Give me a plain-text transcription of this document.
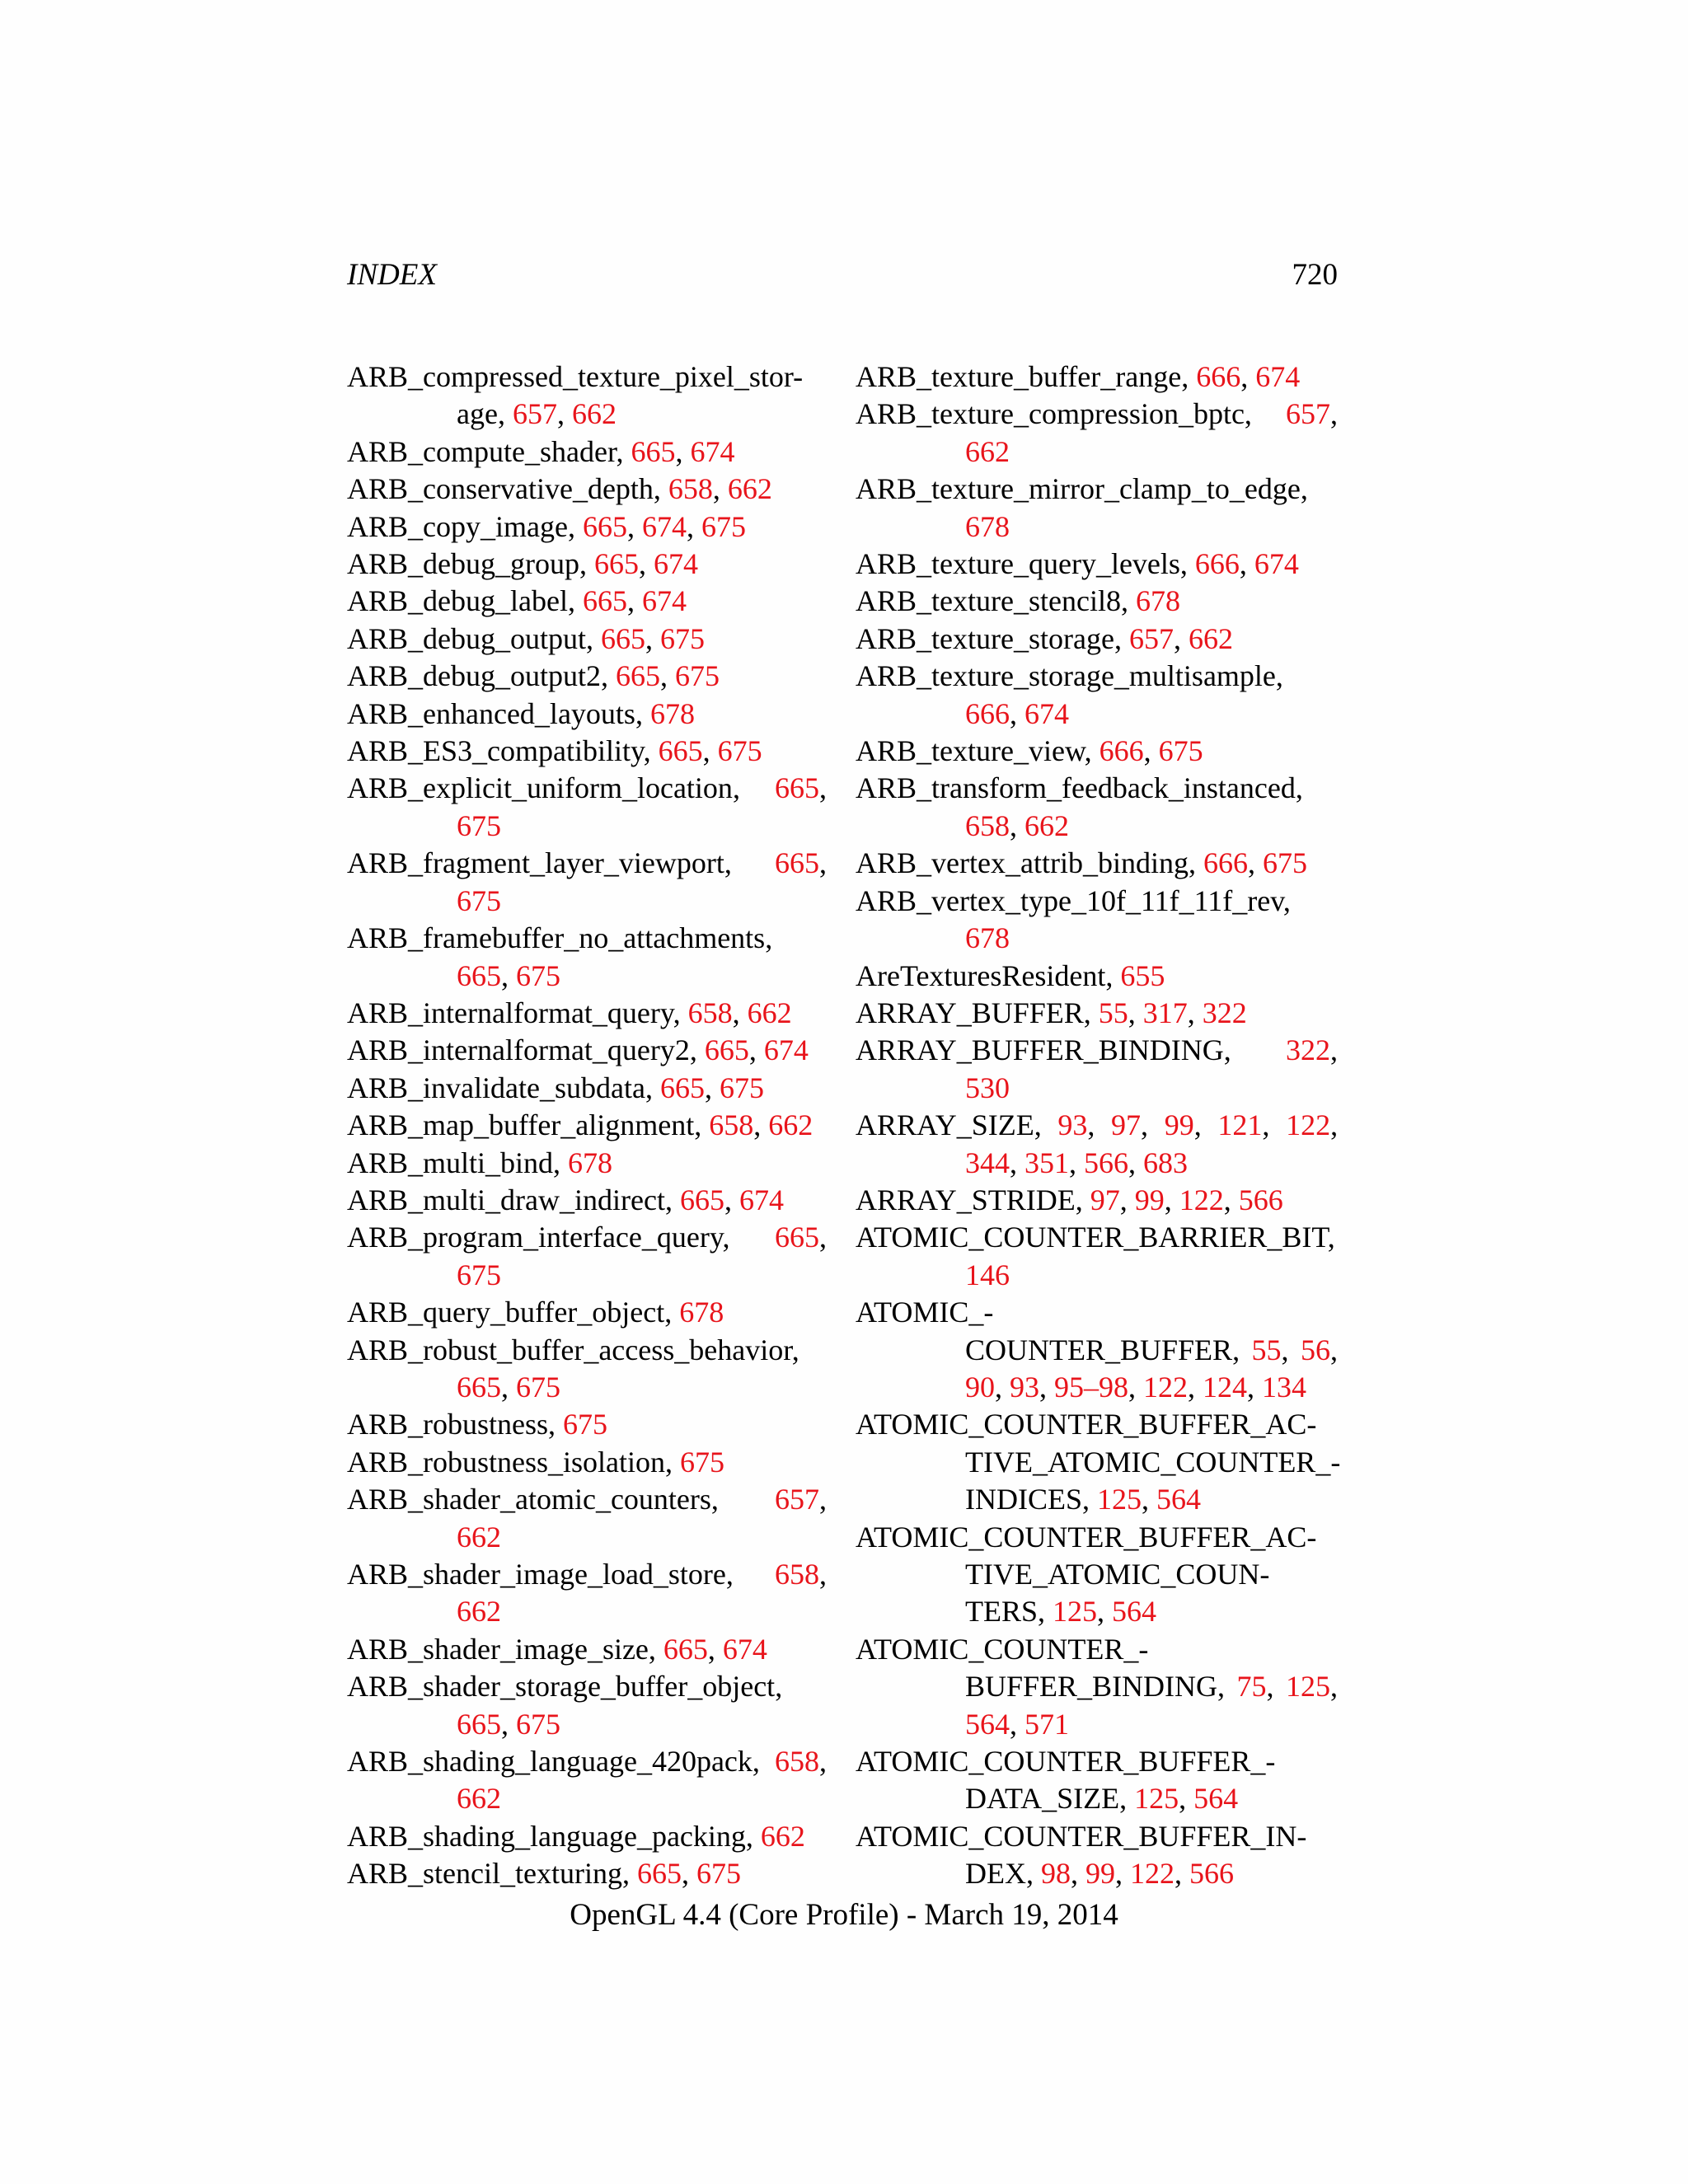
INDEX	720
ARB_compressed_texture_pixel_stor-age, 657, 662
ARB_compute_shader, 665, 674
ARB_conservative_depth, 658, 662
ARB_copy_image, 665, 674, 675
ARB_debug_group, 665, 674
ARB_debug_label, 665, 674
ARB_debug_output, 665, 675
ARB_debug_output2, 665, 675
ARB_enhanced_layouts, 678
ARB_ES3_compatibility, 665, 675
ARB_explicit_uniform_location, 665, 675
ARB_fragment_layer_viewport, 665, 675
ARB_framebuffer_no_attachments, 665, 675
ARB_internalformat_query, 658, 662
ARB_internalformat_query2, 665, 674
ARB_invalidate_subdata, 665, 675
ARB_map_buffer_alignment, 658, 662
ARB_multi_bind, 678
ARB_multi_draw_indirect, 665, 674
ARB_program_interface_query, 665, 675
ARB_query_buffer_object, 678
ARB_robust_buffer_access_behavior, 665, 675
ARB_robustness, 675
ARB_robustness_isolation, 675
ARB_shader_atomic_counters, 657, 662
ARB_shader_image_load_store, 658, 662
ARB_shader_image_size, 665, 674
ARB_shader_storage_buffer_object, 665, 675
ARB_shading_language_420pack, 658, 662
ARB_shading_language_packing, 662
ARB_stencil_texturing, 665, 675
ARB_texture_buffer_range, 666, 674
ARB_texture_compression_bptc, 657, 662
ARB_texture_mirror_clamp_to_edge, 678
ARB_texture_query_levels, 666, 674
ARB_texture_stencil8, 678
ARB_texture_storage, 657, 662
ARB_texture_storage_multisample, 666, 674
ARB_texture_view, 666, 675
ARB_transform_feedback_instanced, 658, 662
ARB_vertex_attrib_binding, 666, 675
ARB_vertex_type_10f_11f_11f_rev, 678
AreTexturesResident, 655
ARRAY_BUFFER, 55, 317, 322
ARRAY_BUFFER_BINDING, 322, 530
ARRAY_SIZE, 93, 97, 99, 121, 122, 344, 351, 566, 683
ARRAY_STRIDE, 97, 99, 122, 566
ATOMIC_COUNTER_BARRIER_BIT, 146
ATOMIC_-
COUNTER_BUFFER, 55, 56, 90, 93, 95–98, 122, 124, 134
ATOMIC_COUNTER_BUFFER_AC-
TIVE_ATOMIC_COUNTER_-
INDICES, 125, 564
ATOMIC_COUNTER_BUFFER_AC-
TIVE_ATOMIC_COUN-
TERS, 125, 564
ATOMIC_COUNTER_-
BUFFER_BINDING, 75, 125, 564, 571
ATOMIC_COUNTER_BUFFER_-
DATA_SIZE, 125, 564
ATOMIC_COUNTER_BUFFER_IN-
DEX, 98, 99, 122, 566
OpenGL 4.4 (Core Profile) - March 19, 2014
